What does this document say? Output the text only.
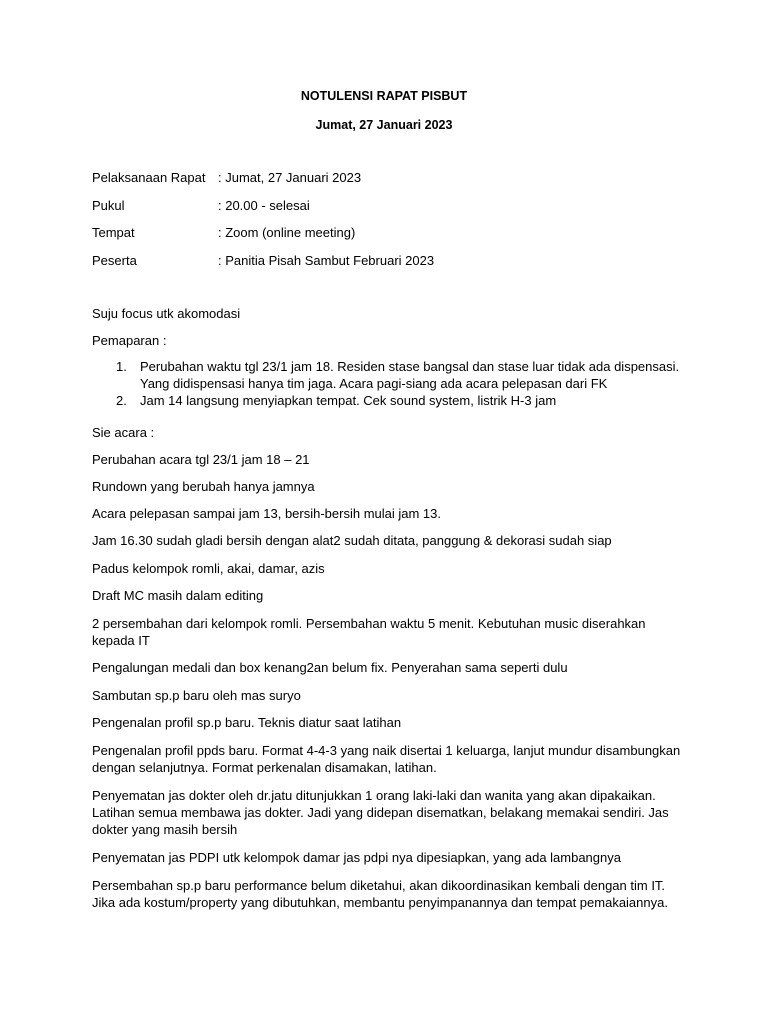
NOTULENSI RAPAT PISBUT
Jumat, 27 Januari 2023
Pelaksanaan Rapat : Jumat, 27 Januari 2023
Pukul	: 20.00 - selesai
Tempat	: Zoom (online meeting)
Peserta	: Panitia Pisah Sambut Februari 2023

Suju focus utk akomodasi

Pemaparan :

1. Perubahan waktu tgl 23/1 jam 18. Residen stase bangsal dan stase luar tidak ada dispensasi. Yang didispensasi hanya tim jaga. Acara pagi-siang ada acara pelepasan dari FK
2. Jam 14 langsung menyiapkan tempat. Cek sound system, listrik H-3 jam

Sie acara :

Perubahan acara tgl 23/1 jam 18 – 21

Rundown yang berubah hanya jamnya

Acara pelepasan sampai jam 13, bersih-bersih mulai jam 13.

Jam 16.30 sudah gladi bersih dengan alat2 sudah ditata, panggung & dekorasi sudah siap

Padus kelompok romli, akai, damar, azis

Draft MC masih dalam editing

2 persembahan dari kelompok romli. Persembahan waktu 5 menit. Kebutuhan music diserahkan kepada IT

Pengalungan medali dan box kenang2an belum fix. Penyerahan sama seperti dulu

Sambutan sp.p baru oleh mas suryo

Pengenalan profil sp.p baru. Teknis diatur saat latihan

Pengenalan profil ppds baru. Format 4-4-3 yang naik disertai 1 keluarga, lanjut mundur disambungkan dengan selanjutnya. Format perkenalan disamakan, latihan.

Penyematan jas dokter oleh dr.jatu ditunjukkan 1 orang laki-laki dan wanita yang akan dipakaikan. Latihan semua membawa jas dokter. Jadi yang didepan disematkan, belakang memakai sendiri. Jas dokter yang masih bersih

Penyematan jas PDPI utk kelompok damar jas pdpi nya dipesiapkan, yang ada lambangnya

Persembahan sp.p baru performance belum diketahui, akan dikoordinasikan kembali dengan tim IT. Jika ada kostum/property yang dibutuhkan, membantu penyimpanannya dan tempat pemakaiannya.
